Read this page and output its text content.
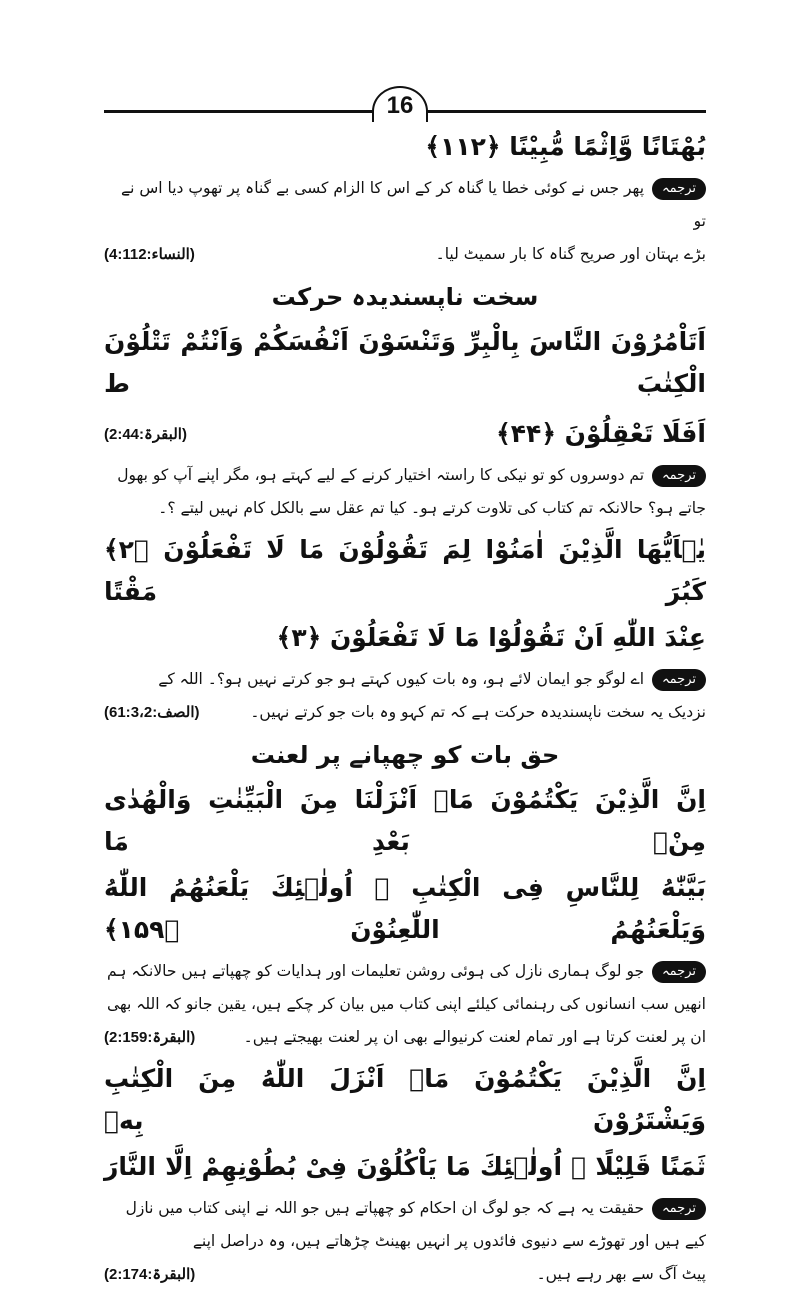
16
بُهْتَانًا وَّاِثْمًا مُّبِيْنًا ﴿۱۱۲﴾

ترجمہپھر جس نے کوئی خطا یا گناہ کر کے اس کا الزام کسی بے گناہ پر تھوپ دیا اس نے تو

بڑے بہتان اور صریح گناہ کا بار سمیٹ لیا۔
(4:النساء:112)

سخت ناپسندیدہ حرکت
اَتَاْمُرُوْنَ النَّاسَ بِالْبِرِّ وَتَنْسَوْنَ اَنْفُسَكُمْ وَاَنْتُمْ تَتْلُوْنَ الْكِتٰبَ ط
اَفَلَا تَعْقِلُوْنَ ﴿۴۴﴾
(2:البقرۃ:44)

ترجمہتم دوسروں کو تو نیکی کا راستہ اختیار کرنے کے لیے کہتے ہو، مگر اپنے آپ کو بھول

جاتے ہو؟ حالانکہ تم کتاب کی تلاوت کرتے ہو۔ کیا تم عقل سے بالکل کام نہیں لیتے ؟۔

يٰۤاَيُّهَا الَّذِيْنَ اٰمَنُوْا لِمَ تَقُوْلُوْنَ مَا لَا تَفْعَلُوْنَ ﴿۲﴾ كَبُرَ مَقْتًا
عِنْدَ اللّٰهِ اَنْ تَقُوْلُوْا مَا لَا تَفْعَلُوْنَ ﴿۳﴾

ترجمہاے لوگو جو ایمان لائے ہو، وہ بات کیوں کہتے ہو جو کرتے نہیں ہو؟۔ اللہ کے

نزدیک یہ سخت ناپسندیدہ حرکت ہے کہ تم کہو وہ بات جو کرتے نہیں۔
(61:الصف:3،2)

حق بات کو چھپانے پر لعنت
اِنَّ الَّذِيْنَ يَكْتُمُوْنَ مَاۤ اَنْزَلْنَا مِنَ الْبَيِّنٰتِ وَالْهُدٰى مِنْۢ بَعْدِ مَا
بَيَّنّٰهُ لِلنَّاسِ فِى الْكِتٰبِ ۙ اُولٰۤئِكَ يَلْعَنُهُمُ اللّٰهُ وَيَلْعَنُهُمُ اللّٰعِنُوْنَ ﴿۱۵۹﴾

ترجمہجو لوگ ہماری نازل کی ہوئی روشن تعلیمات اور ہدایات کو چھپاتے ہیں حالانکہ ہم

انھیں سب انسانوں کی رہنمائی کیلئے اپنی کتاب میں بیان کر چکے ہیں، یقین جانو کہ اللہ بھی

ان پر لعنت کرتا ہے اور تمام لعنت کرنیوالے بھی ان پر لعنت بھیجتے ہیں۔
(2:البقرۃ:159)

اِنَّ الَّذِيْنَ يَكْتُمُوْنَ مَاۤ اَنْزَلَ اللّٰهُ مِنَ الْكِتٰبِ وَيَشْتَرُوْنَ بِهٖ
ثَمَنًا قَلِيْلًا ۙ اُولٰۤئِكَ مَا يَاْكُلُوْنَ فِىْ بُطُوْنِهِمْ اِلَّا النَّارَ

ترجمہحقیقت یہ ہے کہ جو لوگ ان احکام کو چھپاتے ہیں جو اللہ نے اپنی کتاب میں نازل

کیے ہیں اور تھوڑے سے دنیوی فائدوں پر انہیں بھینٹ چڑھاتے ہیں، وہ دراصل اپنے

پیٹ آگ سے بھر رہے ہیں۔
(2:البقرۃ:174)
